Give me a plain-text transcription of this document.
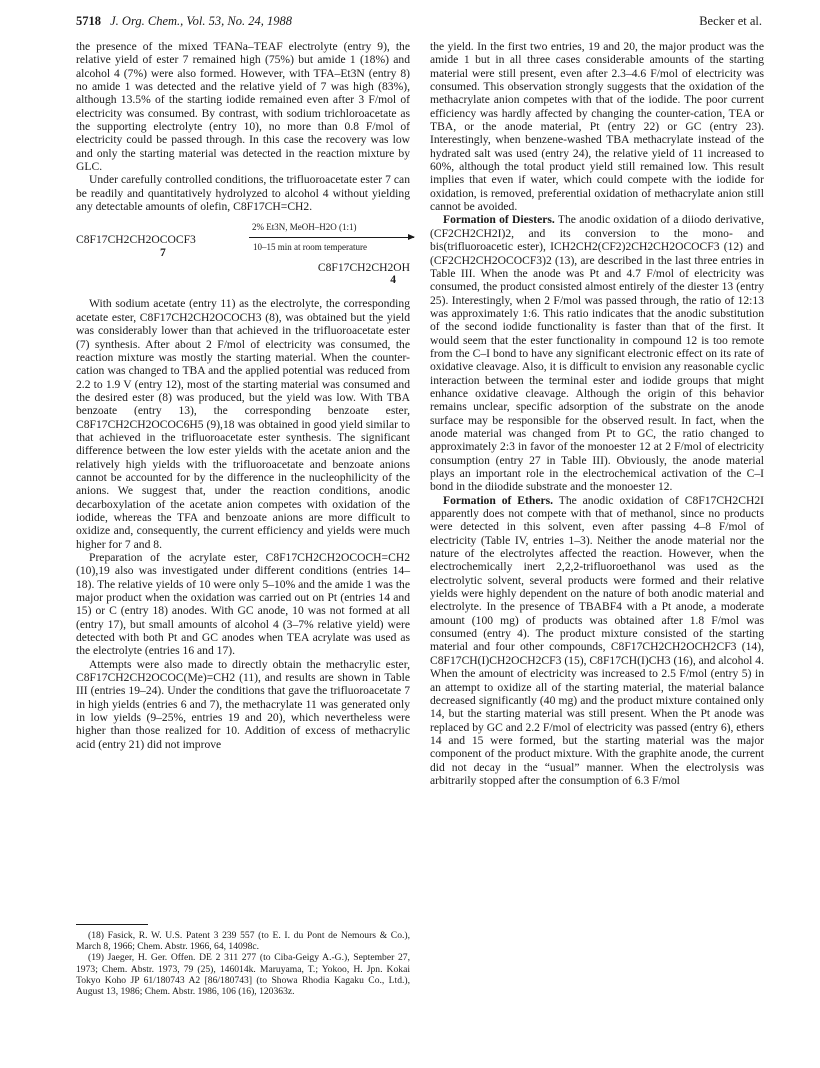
5718 J. Org. Chem., Vol. 53, No. 24, 1988	Becker et al.

the presence of the mixed TFANa–TEAF electrolyte (entry 9), the relative yield of ester 7 remained high (75%) but amide 1 (18%) and alcohol 4 (7%) were also formed. However, with TFA–Et3N (entry 8) no amide 1 was detected and the relative yield of 7 was high (83%), although 13.5% of the starting iodide remained even after 3 F/mol of electricity was consumed. By contrast, with sodium trichloroacetate as the supporting electrolyte (entry 10), no more than 0.8 F/mol of electricity could be passed through. In this case the recovery was low and only the starting material was detected in the reaction mixture by GLC.

Under carefully controlled conditions, the trifluoroacetate ester 7 can be readily and quantitatively hydrolyzed to alcohol 4 without yielding any detectable amounts of olefin, C8F17CH=CH2.

C8F17CH2CH2OCOCF3
7
2% Et3N, MeOH–H2O (1:1)
10–15 min at room temperature
C8F17CH2CH2OH
4

With sodium acetate (entry 11) as the electrolyte, the corresponding acetate ester, C8F17CH2CH2OCOCH3 (8), was obtained but the yield was considerably lower than that achieved in the trifluoroacetate ester (7) synthesis. After about 2 F/mol of electricity was consumed, the reaction mixture was mostly the starting material. When the counter-cation was changed to TBA and the applied potential was reduced from 2.2 to 1.9 V (entry 12), most of the starting material was consumed and the desired ester (8) was produced, but the yield was low. With TBA benzoate (entry 13), the corresponding benzoate ester, C8F17CH2CH2OCOC6H5 (9),18 was obtained in good yield similar to that achieved in the trifluoroacetate ester synthesis. The significant difference between the low ester yields with the acetate anion and the relatively high yields with the trifluoroacetate and benzoate anions cannot be accounted for by the difference in the nucleophilicity of the anions. We suggest that, under the reaction conditions, anodic decarboxylation of the acetate anion competes with oxidation of the iodide, whereas the TFA and benzoate anions are more difficult to oxidize and, consequently, the current efficiency and yields were much higher for 7 and 8.

Preparation of the acrylate ester, C8F17CH2CH2OCOCH=CH2 (10),19 also was investigated under different conditions (entries 14–18). The relative yields of 10 were only 5–10% and the amide 1 was the major product when the oxidation was carried out on Pt (entries 14 and 15) or C (entry 18) anodes. With GC anode, 10 was not formed at all (entry 17), but small amounts of alcohol 4 (3–7% relative yield) were detected with both Pt and GC anodes when TEA acrylate was used as the electrolyte (entries 16 and 17).

Attempts were also made to directly obtain the methacrylic ester, C8F17CH2CH2OCOC(Me)=CH2 (11), and results are shown in Table III (entries 19–24). Under the conditions that gave the trifluoroacetate 7 in high yields (entries 6 and 7), the methacrylate 11 was generated only in low yields (9–25%, entries 19 and 20), which nevertheless were higher than those realized for 10. Addition of excess of methacrylic acid (entry 21) did not improve

(18) Fasick, R. W. U.S. Patent 3 239 557 (to E. I. du Pont de Nemours & Co.), March 8, 1966; Chem. Abstr. 1966, 64, 14098c.

(19) Jaeger, H. Ger. Offen. DE 2 311 277 (to Ciba-Geigy A.-G.), September 27, 1973; Chem. Abstr. 1973, 79 (25), 146014k. Maruyama, T.; Yokoo, H. Jpn. Kokai Tokyo Koho JP 61/180743 A2 [86/180743] (to Showa Rhodia Kagaku Co., Ltd.), August 13, 1986; Chem. Abstr. 1986, 106 (16), 120363z.

the yield. In the first two entries, 19 and 20, the major product was the amide 1 but in all three cases considerable amounts of the starting material were still present, even after 2.3–4.6 F/mol of electricity was consumed. This observation strongly suggests that the oxidation of the methacrylate anion competes with that of the iodide. The poor current efficiency was hardly affected by changing the counter-cation, TEA or TBA, or the anode material, Pt (entry 22) or GC (entry 23). Interestingly, when benzene-washed TBA methacrylate instead of the hydrated salt was used (entry 24), the relative yield of 11 increased to 60%, although the total product yield still remained low. This result implies that even if water, which could compete with the iodide for oxidation, is removed, preferential oxidation of methacrylate anion still cannot be avoided.

Formation of Diesters. The anodic oxidation of a diiodo derivative, (CF2CH2CH2I)2, and its conversion to the mono- and bis(trifluoroacetic ester), ICH2CH2(CF2)2CH2CH2OCOCF3 (12) and (CF2CH2CH2OCOCF3)2 (13), are described in the last three entries in Table III. When the anode was Pt and 4.7 F/mol of electricity was consumed, the product consisted almost entirely of the diester 13 (entry 25). Interestingly, when 2 F/mol was passed through, the ratio of 12:13 was approximately 1:6. This ratio indicates that the anodic substitution of the second iodide functionality is faster than that of the first. It would seem that the ester functionality in compound 12 is too remote from the C–I bond to have any significant electronic effect on its rate of oxidative cleavage. Also, it is difficult to envision any reasonable cyclic interaction between the terminal ester and iodide groups that might enhance oxidative cleavage. Although the origin of this behavior remains unclear, specific adsorption of the substrate on the anode surface may be responsible for the observed result. In fact, when the anode material was changed from Pt to GC, the ratio changed to approximately 2:3 in favor of the monoester 12 at 2 F/mol of electricity consumption (entry 27 in Table III). Obviously, the anode material plays an important role in the electrochemical activation of the C–I bond in the diiodide substrate and the monoester 12.

Formation of Ethers. The anodic oxidation of C8F17CH2CH2I apparently does not compete with that of methanol, since no products were detected in this solvent, even after passing 4–8 F/mol of electricity (Table IV, entries 1–3). Neither the anode material nor the nature of the electrolytes affected the reaction. However, when the electrochemically inert 2,2,2-trifluoroethanol was used as the electrolytic solvent, several products were formed and their relative yields were highly dependent on the nature of both anodic material and electrolyte. In the presence of TBABF4 with a Pt anode, a moderate amount (100 mg) of products was obtained after 1.8 F/mol was consumed (entry 4). The product mixture consisted of the starting material and four other compounds, C8F17CH2CH2OCH2CF3 (14), C8F17CH(I)CH2OCH2CF3 (15), C8F17CH(I)CH3 (16), and alcohol 4. When the amount of electricity was increased to 2.5 F/mol (entry 5) in an attempt to oxidize all of the starting material, the material balance decreased significantly (40 mg) and the product mixture contained only 14, but the starting material was still present. When the Pt anode was replaced by GC and 2.2 F/mol of electricity was passed (entry 6), ethers 14 and 15 were formed, but the starting material was the major component of the product mixture. With the graphite anode, the current did not decay in the “usual” manner. When the electrolysis was arbitrarily stopped after the consumption of 6.3 F/mol
